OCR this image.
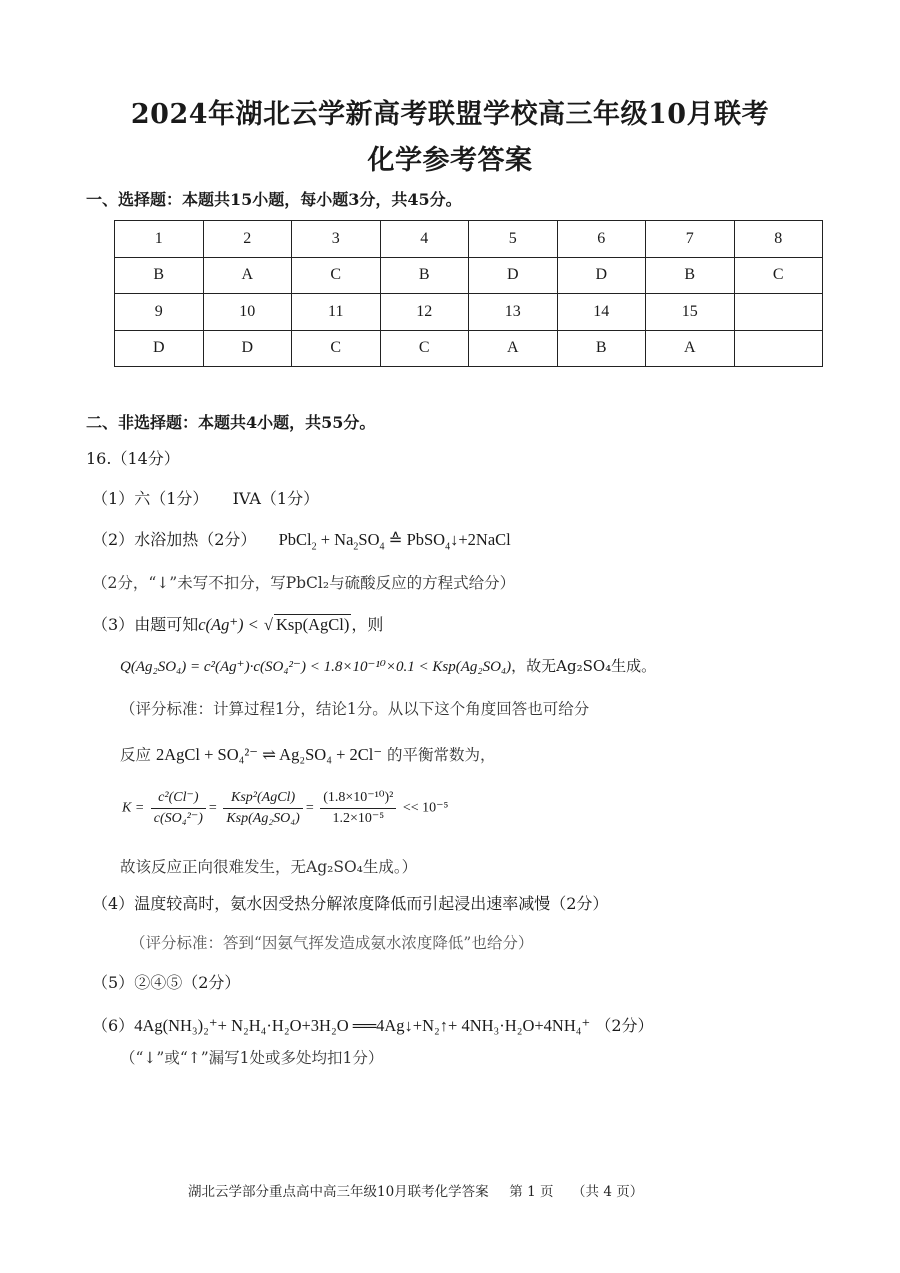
2024年湖北云学新高考联盟学校高三年级10月联考
化学参考答案
一、选择题：本题共15小题，每小题3分，共45分。
1	2	3	4	5	6	7	8
B	A	C	B	D	D	B	C
9	10	11	12	13	14	15	
D	D	C	C	A	B	A	
二、非选择题：本题共4小题，共55分。
16.（14分）
（1）六（1分） IVA（1分）
（2）水浴加热（2分） PbCl$_2$ + $Na_2SO_4$ ≙ PbSO$_4$↓+2NaCl
（2分，“↓”未写不扣分，写PbCl₂与硫酸反应的方程式给分）
（3）由题可知c(Ag⁺) < √ Ksp(AgCl) ，则
Q(Ag₂SO₄) = c²(Ag⁺)·c(SO₄²⁻) < 1.8×10⁻¹⁰×0.1 < Ksp(Ag₂SO₄)，故无Ag₂SO₄生成。
（评分标准：计算过程1分，结论1分。从以下这个角度回答也可给分
反应 2AgCl + SO₄²⁻ ⇌ Ag₂SO₄ + 2Cl⁻ 的平衡常数为，
$K = \frac{\text{c²(Cl⁻)}}{\text{c(SO₄²⁻)}} = \frac{\text{Ksp²(AgCl)}}{\text{Ksp(Ag₂SO₄)}} = \frac{\text{(1.8×10⁻¹⁰)²}}{\text{1.2×10⁻⁵}} << 10^{-5}$
故该反应正向很难发生，无Ag₂SO₄生成。）
（4）温度较高时，氨水因受热分解浓度降低而引起浸出速率减慢（2分）
（评分标准：答到“因氨气挥发造成氨水浓度降低”也给分）
（5）②④⑤（2分）
（6）4Ag(NH₃)₂⁺+ N₂H₄·H₂O+3H₂O ══4Ag↓+N₂↑+ 4NH₃·H₂O+4NH₄⁺ （2分）
（“↓”或“↑”漏写1处或多处均扣1分）
湖北云学部分重点高中高三年级10月联考化学答案 第 1 页 （共 4 页）
